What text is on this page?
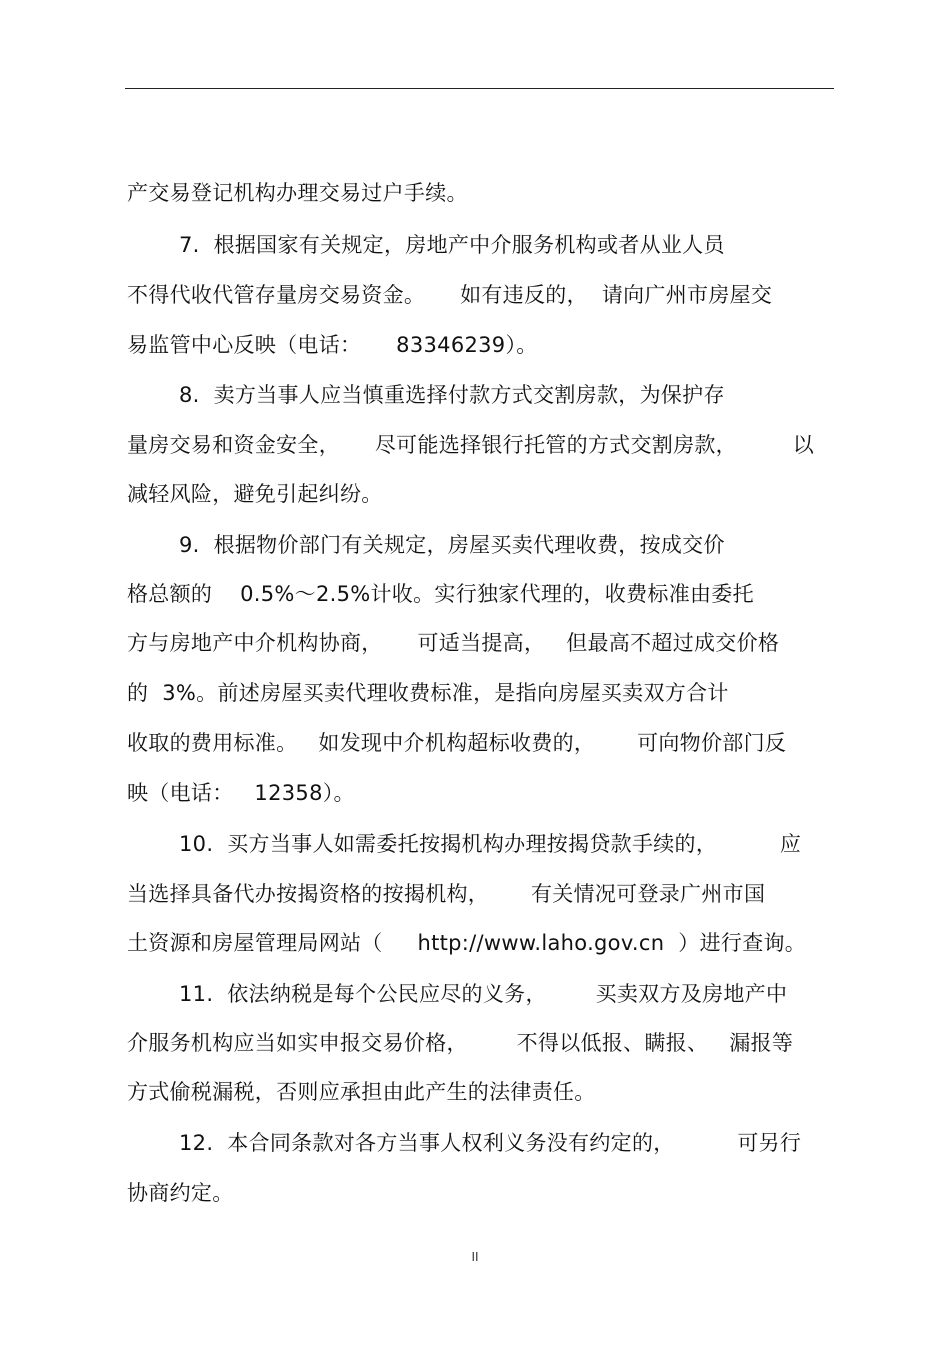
产交易登记机构办理交易过户手续。
7.  根据国家有关规定，房地产中介服务机构或者从业人员
不得代收代管存量房交易资金。     如有违反的，  请向广州市房屋交
易监管中心反映（电话：     83346239）。
8.  卖方当事人应当慎重选择付款方式交割房款，为保护存
量房交易和资金安全，     尽可能选择银行托管的方式交割房款，        以
减轻风险，避免引起纠纷。
9.  根据物价部门有关规定，房屋买卖代理收费，按成交价
格总额的    0.5%～2.5%计收。实行独家代理的，收费标准由委托
方与房地产中介机构协商，     可适当提高，   但最高不超过成交价格
的  3%。前述房屋买卖代理收费标准，是指向房屋买卖双方合计
收取的费用标准。   如发现中介机构超标收费的，      可向物价部门反
映（电话：   12358）。
10.  买方当事人如需委托按揭机构办理按揭贷款手续的，         应
当选择具备代办按揭资格的按揭机构，      有关情况可登录广州市国
土资源和房屋管理局网站（     http://www.laho.gov.cn  ）进行查询。
11.  依法纳税是每个公民应尽的义务，       买卖双方及房地产中
介服务机构应当如实申报交易价格，       不得以低报、瞒报、   漏报等
方式偷税漏税，否则应承担由此产生的法律责任。
12.  本合同条款对各方当事人权利义务没有约定的，         可另行
协商约定。
II
